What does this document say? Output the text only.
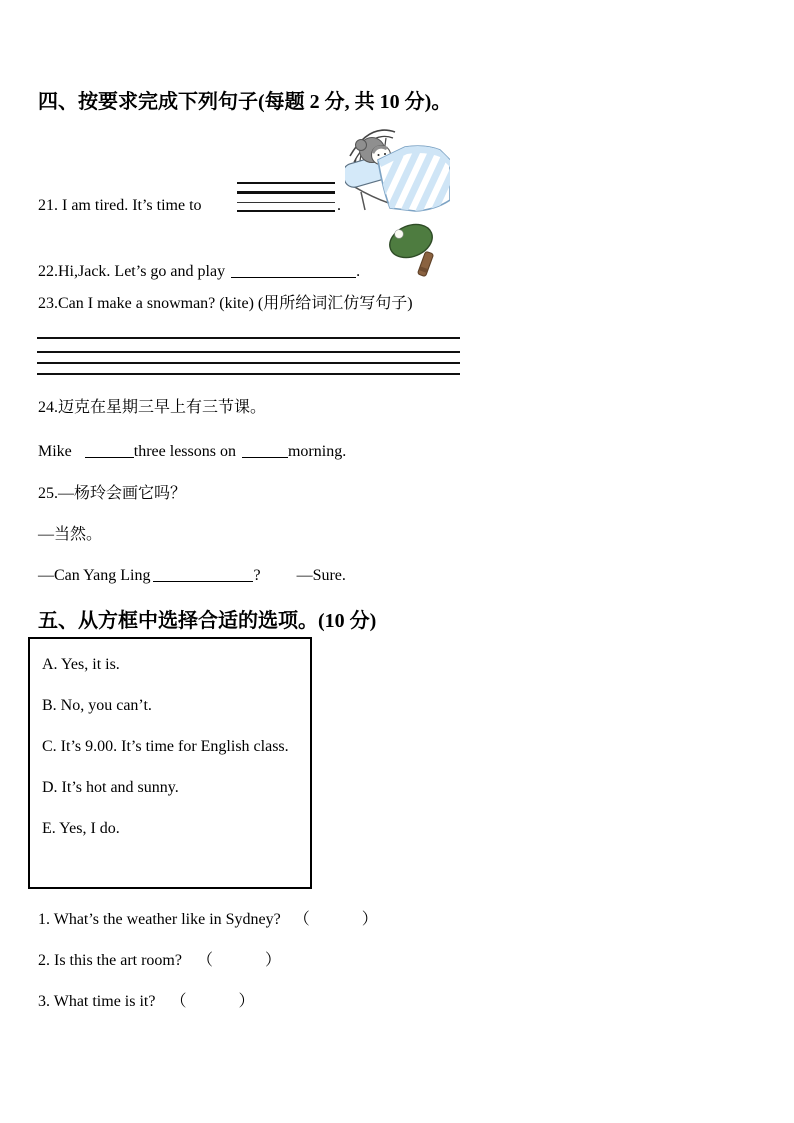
四、按要求完成下列句子(每题 2 分, 共 10 分)。
21. I am tired. It’s time to	.
22.Hi,Jack. Let’s go and play	.
23.Can I make a snowman? (kite) (用所给词汇仿写句子)
24.迈克在星期三早上有三节课。
Mike	three lessons on	morning.
25.—杨玲会画它吗？
—当然。
—Can Yang Ling	? —Sure.
五、从方框中选择合适的选项。(10 分)

A. Yes, it is.

B. No, you can’t.

C. It’s 9.00. It’s time for English class.

D. It’s hot and sunny.

E. Yes, I do.

1. What’s the weather like in Sydney? （	）
2. Is this the art room? （	）
3. What time is it? （	）
